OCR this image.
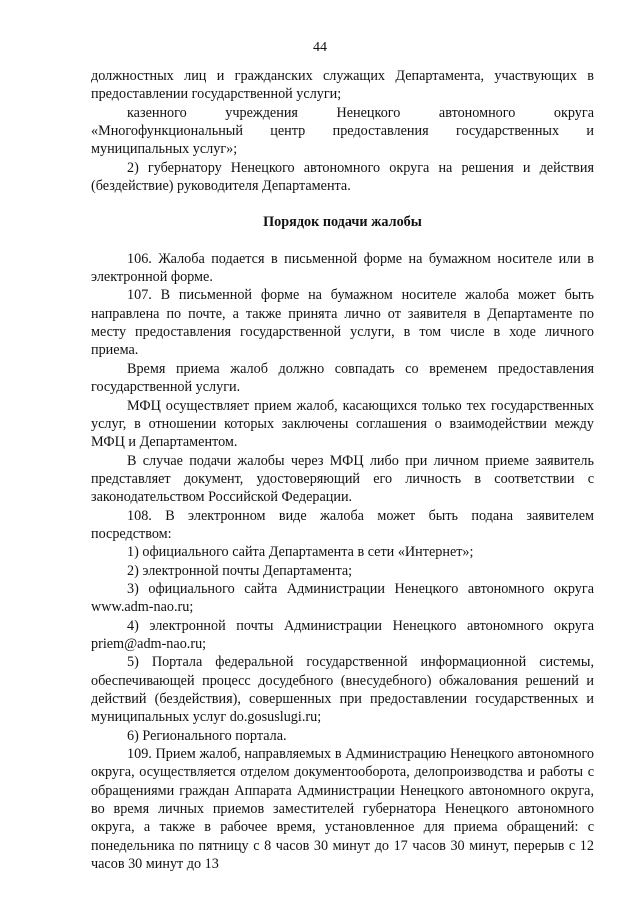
44

должностных лиц и гражданских служащих Департамента, участвующих в предоставлении государственной услуги;

казенного учреждения Ненецкого автономного округа «Многофункциональный центр предоставления государственных и муниципальных услуг»;

2) губернатору Ненецкого автономного округа на решения и действия (бездействие) руководителя Департамента.

Порядок подачи жалобы

106. Жалоба подается в письменной форме на бумажном носителе или в электронной форме.

107. В письменной форме на бумажном носителе жалоба может быть направлена по почте, а также принята лично от заявителя в Департаменте по месту предоставления государственной услуги, в том числе в ходе личного приема.

Время приема жалоб должно совпадать со временем предоставления государственной услуги.

МФЦ осуществляет прием жалоб, касающихся только тех государственных услуг, в отношении которых заключены соглашения о взаимодействии между МФЦ и Департаментом.

В случае подачи жалобы через МФЦ либо при личном приеме заявитель представляет документ, удостоверяющий его личность в соответствии с законодательством Российской Федерации.

108. В электронном виде жалоба может быть подана заявителем посредством:

1) официального сайта Департамента в сети «Интернет»;

2) электронной почты Департамента;

3) официального сайта Администрации Ненецкого автономного округа www.adm-nao.ru;

4) электронной почты Администрации Ненецкого автономного округа priem@adm-nao.ru;

5) Портала федеральной государственной информационной системы, обеспечивающей процесс досудебного (внесудебного) обжалования решений и действий (бездействия), совершенных при предоставлении государственных и муниципальных услуг do.gosuslugi.ru;

6) Регионального портала.

109. Прием жалоб, направляемых в Администрацию Ненецкого автономного округа, осуществляется отделом документооборота, делопроизводства и работы с обращениями граждан Аппарата Администрации Ненецкого автономного округа, во время личных приемов заместителей губернатора Ненецкого автономного округа, а также в рабочее время, установленное для приема обращений: с понедельника по пятницу с 8 часов 30 минут до 17 часов 30 минут, перерыв с 12 часов 30 минут до 13
